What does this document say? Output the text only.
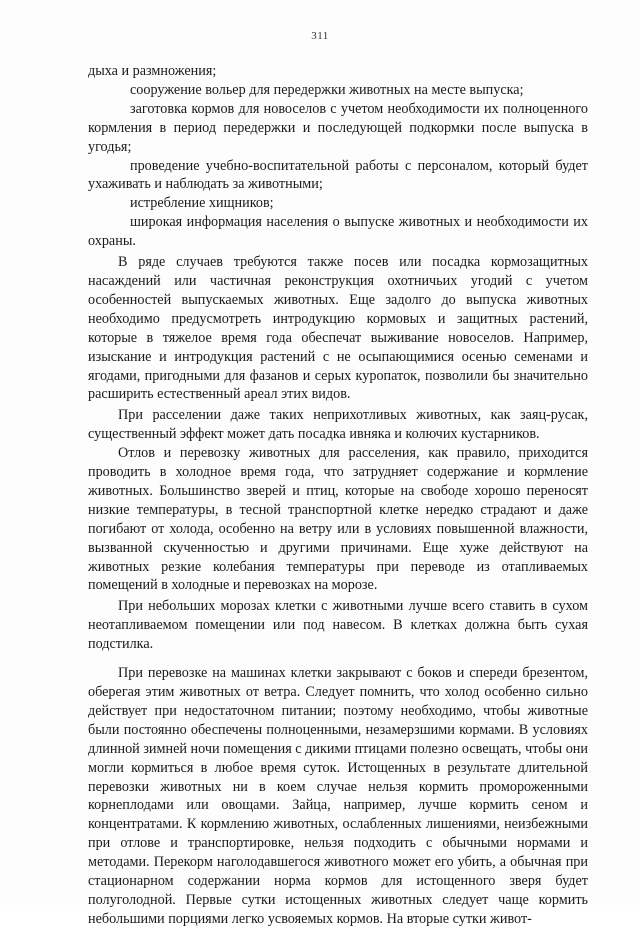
311

дыха и размножения;

сооружение вольер для передержки животных на месте выпуска;

заготовка кормов для новоселов с учетом необходимости их полноценного кормления в период передержки и последующей подкормки после выпуска в угодья;

проведение учебно-воспитательной работы с персоналом, который будет ухаживать и наблюдать за животными;

истребление хищников;

широкая информация населения о выпуске животных и необходимости их охраны.

В ряде случаев требуются также посев или посадка кормозащитных насаждений или частичная реконструкция охотничьих угодий с учетом особенностей выпускаемых животных. Еще задолго до выпуска животных необходимо предусмотреть интродукцию кормовых и защитных растений, которые в тяжелое время года обеспечат выживание новоселов. Например, изыскание и интродукция растений с не осыпающимися осенью семенами и ягодами, пригодными для фазанов и серых куропаток, позволили бы значительно расширить естественный ареал этих видов.

При расселении даже таких неприхотливых животных, как заяц-русак, существенный эффект может дать посадка ивняка и колючих кустарников.

Отлов и перевозку животных для расселения, как правило, приходится проводить в холодное время года, что затрудняет содержание и кормление животных. Большинство зверей и птиц, которые на свободе хорошо переносят низкие температуры, в тесной транспортной клетке нередко страдают и даже погибают от холода, особенно на ветру или в условиях повышенной влажности, вызванной скученностью и другими причинами. Еще хуже действуют на животных резкие колебания температуры при переводе из отапливаемых помещений в холодные и перевозках на морозе.

При небольших морозах клетки с животными лучше всего ставить в сухом неотапливаемом помещении или под навесом. В клетках должна быть сухая подстилка.

При перевозке на машинах клетки закрывают с боков и спереди брезентом, оберегая этим животных от ветра. Следует помнить, что холод особенно сильно действует при недостаточном питании; поэтому необходимо, чтобы животные были постоянно обеспечены полноценными, незамерзшими кормами. В условиях длинной зимней ночи помещения с дикими птицами полезно освещать, чтобы они могли кормиться в любое время суток. Истощенных в результате длительной перевозки животных ни в коем случае нельзя кормить промороженными корнеплодами или овощами. Зайца, например, лучше кормить сеном и концентратами. К кормлению животных, ослабленных лишениями, неизбежными при отлове и транспортировке, нельзя подходить с обычными нормами и методами. Перекорм наголодавшегося животного может его убить, а обычная при стационарном содержании норма кормов для истощенного зверя будет полуголодной. Первые сутки истощенных животных следует чаще кормить небольшими порциями легко усвояемых кормов. На вторые сутки живот-
